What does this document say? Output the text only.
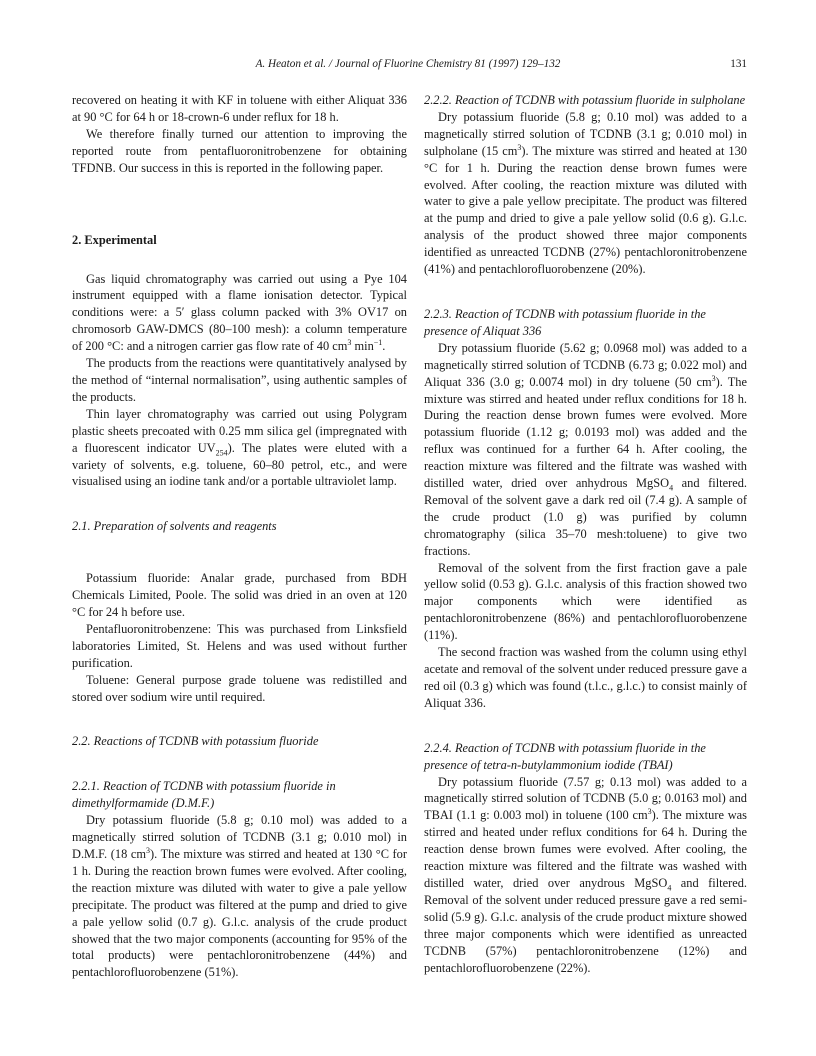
A. Heaton et al. / Journal of Fluorine Chemistry 81 (1997) 129–132	131

recovered on heating it with KF in toluene with either Aliquat 336 at 90 °C for 64 h or 18-crown-6 under reflux for 18 h.

We therefore finally turned our attention to improving the reported route from pentafluoronitrobenzene for obtaining TFDNB. Our success in this is reported in the following paper.

2. Experimental

Gas liquid chromatography was carried out using a Pye 104 instrument equipped with a flame ionisation detector. Typical conditions were: a 5′ glass column packed with 3% OV17 on chromosorb GAW-DMCS (80–100 mesh): a column temperature of 200 °C: and a nitrogen carrier gas flow rate of 40 $cm^3$ $\min^{-1}$.

The products from the reactions were quantitatively analysed by the method of “internal normalisation”, using authentic samples of the products.

Thin layer chromatography was carried out using Polygram plastic sheets precoated with 0.25 mm silica gel (impregnated with a fluorescent indicator $UV_{254}$). The plates were eluted with a variety of solvents, e.g. toluene, 60–80 petrol, etc., and were visualised using an iodine tank and/or a portable ultraviolet lamp.

2.1. Preparation of solvents and reagents

Potassium fluoride: Analar grade, purchased from BDH Chemicals Limited, Poole. The solid was dried in an oven at 120 °C for 24 h before use.

Pentafluoronitrobenzene: This was purchased from Linksfield laboratories Limited, St. Helens and was used without further purification.

Toluene: General purpose grade toluene was redistilled and stored over sodium wire until required.

2.2. Reactions of TCDNB with potassium fluoride
2.2.1. Reaction of TCDNB with potassium fluoride in dimethylformamide (D.M.F.)

Dry potassium fluoride (5.8 g; 0.10 mol) was added to a magnetically stirred solution of TCDNB (3.1 g; 0.010 mol) in D.M.F. (18 $cm^3$). The mixture was stirred and heated at 130 °C for 1 h. During the reaction brown fumes were evolved. After cooling, the reaction mixture was diluted with water to give a pale yellow precipitate. The product was filtered at the pump and dried to give a pale yellow solid (0.7 g). G.l.c. analysis of the crude product showed that the two major components (accounting for 95% of the total products) were pentachloronitrobenzene (44%) and pentachlorofluorobenzene (51%).

2.2.2. Reaction of TCDNB with potassium fluoride in sulpholane

Dry potassium fluoride (5.8 g; 0.10 mol) was added to a magnetically stirred solution of TCDNB (3.1 g; 0.010 mol) in sulpholane (15 $cm^3$). The mixture was stirred and heated at 130 °C for 1 h. During the reaction dense brown fumes were evolved. After cooling, the reaction mixture was diluted with water to give a pale yellow precipitate. The product was filtered at the pump and dried to give a pale yellow solid (0.6 g). G.l.c. analysis of the product showed three major components identified as unreacted TCDNB (27%) pentachloronitrobenzene (41%) and pentachlorofluorobenzene (20%).

2.2.3. Reaction of TCDNB with potassium fluoride in the presence of Aliquat 336

Dry potassium fluoride (5.62 g; 0.0968 mol) was added to a magnetically stirred solution of TCDNB (6.73 g; 0.022 mol) and Aliquat 336 (3.0 g; 0.0074 mol) in dry toluene (50 $cm^3$). The mixture was stirred and heated under reflux conditions for 18 h. During the reaction dense brown fumes were evolved. More potassium fluoride (1.12 g; 0.0193 mol) was added and the reflux was continued for a further 64 h. After cooling, the reaction mixture was filtered and the filtrate was washed with distilled water, dried over anhydrous MgSO$_4$ and filtered. Removal of the solvent gave a dark red oil (7.4 g). A sample of the crude product (1.0 g) was purified by column chromatography (silica 35–70 mesh:toluene) to give two fractions.

Removal of the solvent from the first fraction gave a pale yellow solid (0.53 g). G.l.c. analysis of this fraction showed two major components which were identified as pentachloronitrobenzene (86%) and pentachlorofluorobenzene (11%).

The second fraction was washed from the column using ethyl acetate and removal of the solvent under reduced pressure gave a red oil (0.3 g) which was found (t.l.c., g.l.c.) to consist mainly of Aliquat 336.

2.2.4. Reaction of TCDNB with potassium fluoride in the presence of tetra-n-butylammonium iodide (TBAI)

Dry potassium fluoride (7.57 g; 0.13 mol) was added to a magnetically stirred solution of TCDNB (5.0 g; 0.0163 mol) and TBAI (1.1 g: 0.003 mol) in toluene (100 $cm^3$). The mixture was stirred and heated under reflux conditions for 64 h. During the reaction dense brown fumes were evolved. After cooling, the reaction mixture was filtered and the filtrate was washed with distilled water, dried over anydrous MgSO$_4$ and filtered. Removal of the solvent under reduced pressure gave a red semi-solid (5.9 g). G.l.c. analysis of the crude product mixture showed three major components which were identified as unreacted TCDNB (57%) pentachloronitrobenzene (12%) and pentachlorofluorobenzene (22%).
